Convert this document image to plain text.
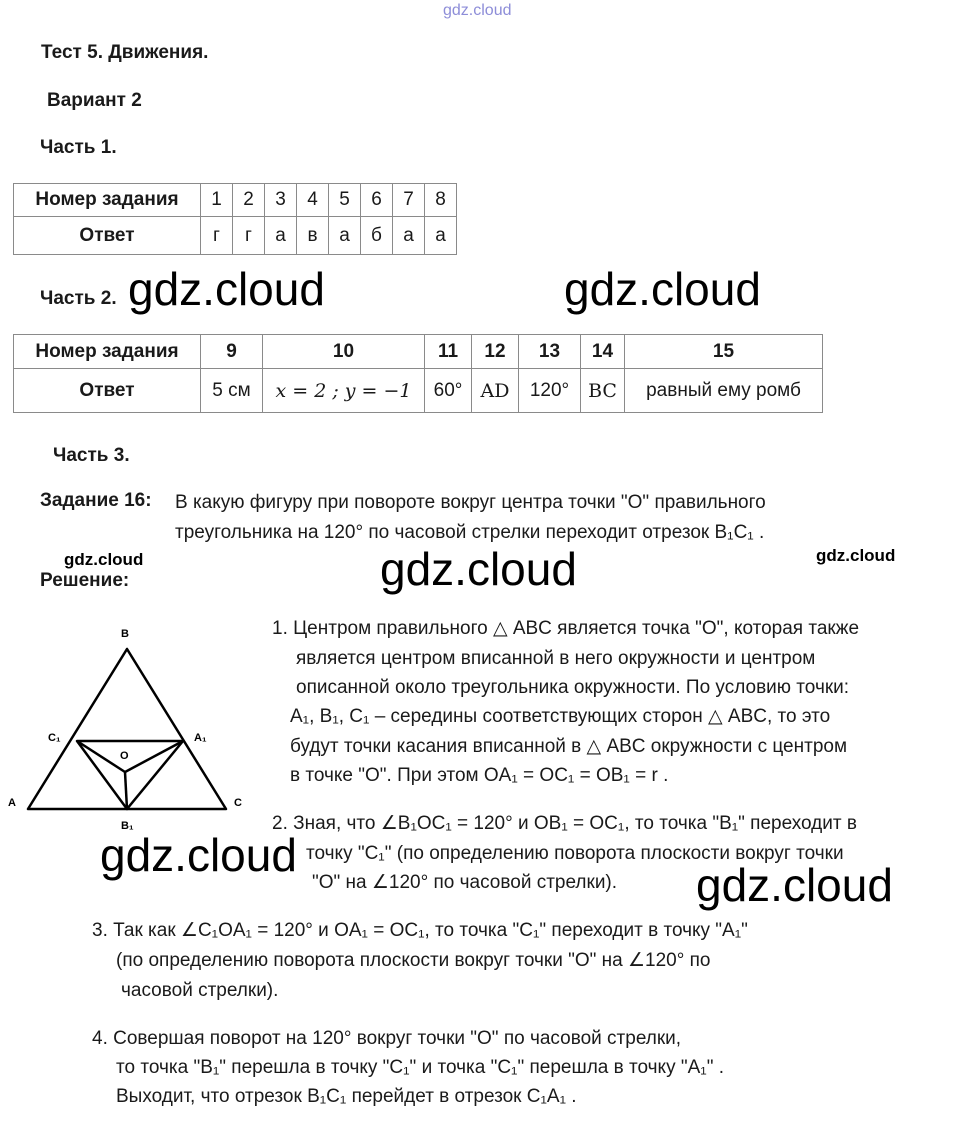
gdz.cloud
gdz.cloud	gdz.cloud
gdz.cloud
gdz.cloud
gdz.cloud
gdz.cloud	gdz.cloud
Тест 5. Движения.
Вариант 2
Часть 1.
Номер задания	1	2	3	4	5	6	7	8
Ответ	г	г	а	в	а	б	а	а
Часть 2.
Номер задания	9	10	11	12	13	14	15
Ответ	5 см	x = 2 ; y = −1	60°	AD	120°	BC	равный ему ромб
Часть 3.
Задание 16: В какую фигуру при повороте вокруг центра точки "O" правильного
треугольника на 120° по часовой стрелки переходит отрезок B₁C₁ .
Решение:
B
C₁	A₁
O
A
B₁
C
1. Центром правильного △ ABC является точка "O", которая также
является центром вписанной в него окружности и центром
описанной около треугольника окружности. По условию точки:
A₁, B₁, C₁ – середины соответствующих сторон △ ABC, то это
будут точки касания вписанной в △ ABC окружности с центром
в точке "O". При этом OA₁ = OC₁ = OB₁ = r .
2. Зная, что ∠B₁OC₁ = 120° и OB₁ = OC₁, то точка "B₁" переходит в
точку "C₁" (по определению поворота плоскости вокруг точки
"O" на ∠120° по часовой стрелки).
3. Так как ∠C₁OA₁ = 120° и OA₁ = OC₁, то точка "C₁" переходит в точку "A₁"
(по определению поворота плоскости вокруг точки "O" на ∠120° по
часовой стрелки).
4. Совершая поворот на 120° вокруг точки "O" по часовой стрелки,
то точка "B₁" перешла в точку "C₁" и точка "C₁" перешла в точку "A₁" .
Выходит, что отрезок B₁C₁ перейдет в отрезок C₁A₁ .
